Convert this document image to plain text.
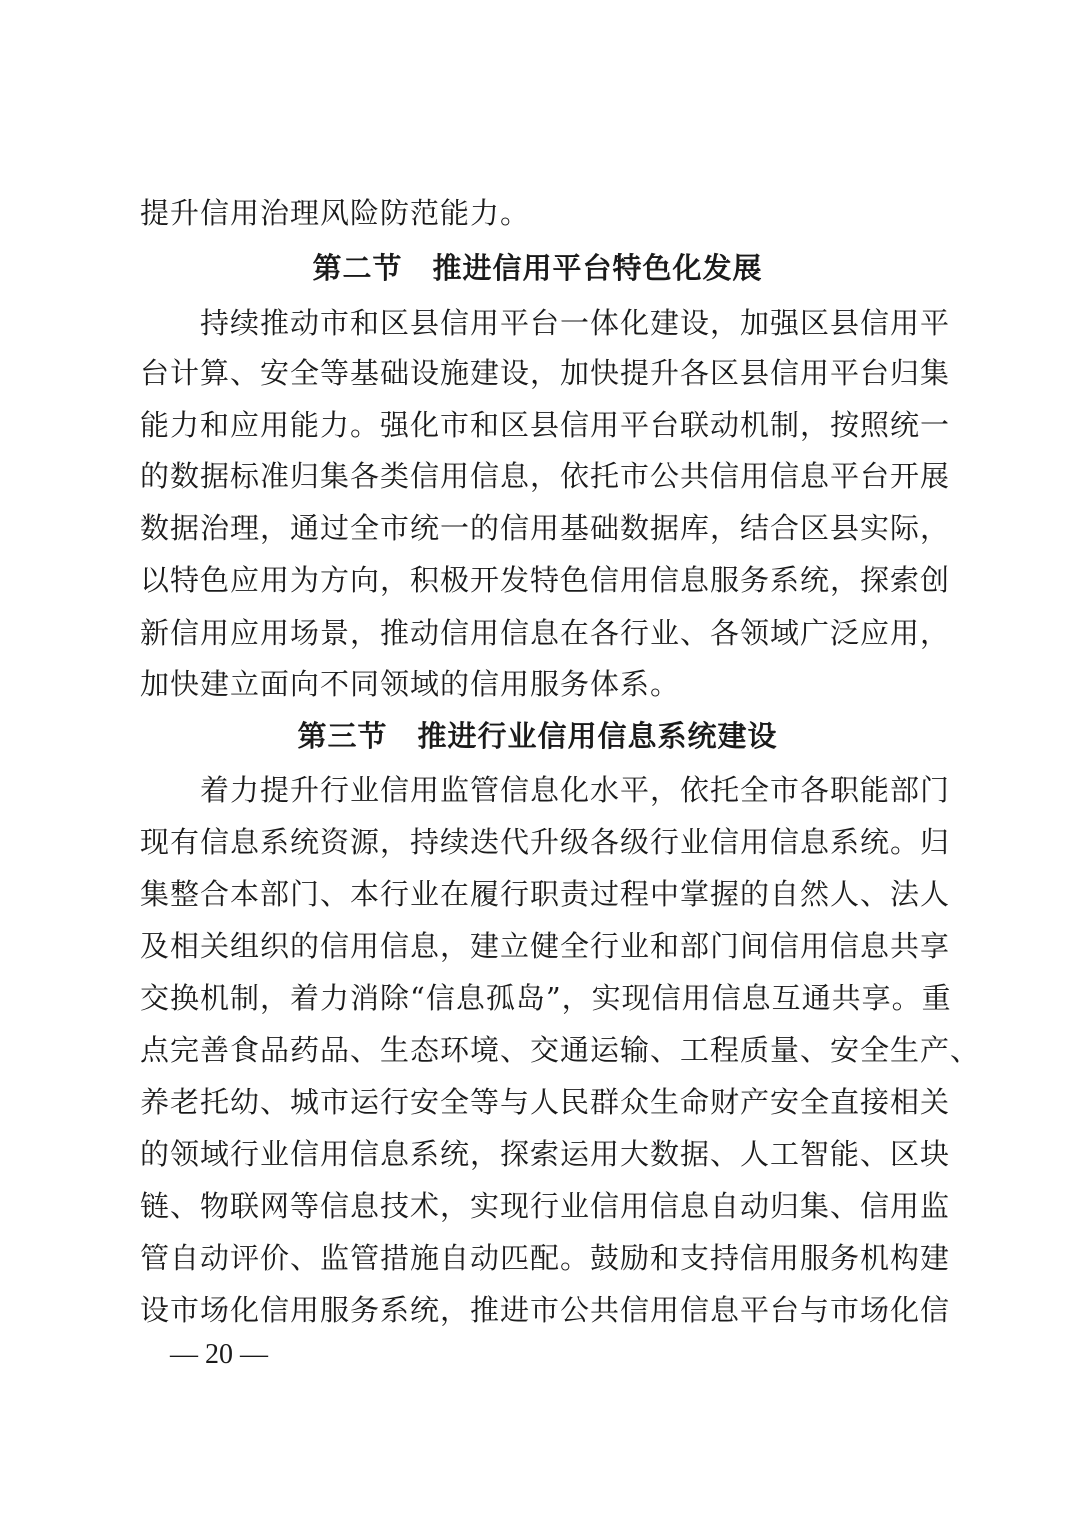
提升信用治理风险防范能力。
第二节 推进信用平台特色化发展
持续推动市和区县信用平台一体化建设，加强区县信用平
台计算、安全等基础设施建设，加快提升各区县信用平台归集
能力和应用能力。强化市和区县信用平台联动机制，按照统一
的数据标准归集各类信用信息，依托市公共信用信息平台开展
数据治理，通过全市统一的信用基础数据库，结合区县实际，
以特色应用为方向，积极开发特色信用信息服务系统，探索创
新信用应用场景，推动信用信息在各行业、各领域广泛应用，
加快建立面向不同领域的信用服务体系。
第三节 推进行业信用信息系统建设
着力提升行业信用监管信息化水平，依托全市各职能部门
现有信息系统资源，持续迭代升级各级行业信用信息系统。归
集整合本部门、本行业在履行职责过程中掌握的自然人、法人
及相关组织的信用信息，建立健全行业和部门间信用信息共享
交换机制，着力消除“信息孤岛”，实现信用信息互通共享。重
点完善食品药品、生态环境、交通运输、工程质量、安全生产、
养老托幼、城市运行安全等与人民群众生命财产安全直接相关
的领域行业信用信息系统，探索运用大数据、人工智能、区块
链、物联网等信息技术，实现行业信用信息自动归集、信用监
管自动评价、监管措施自动匹配。鼓励和支持信用服务机构建
设市场化信用服务系统，推进市公共信用信息平台与市场化信
— 20 —
